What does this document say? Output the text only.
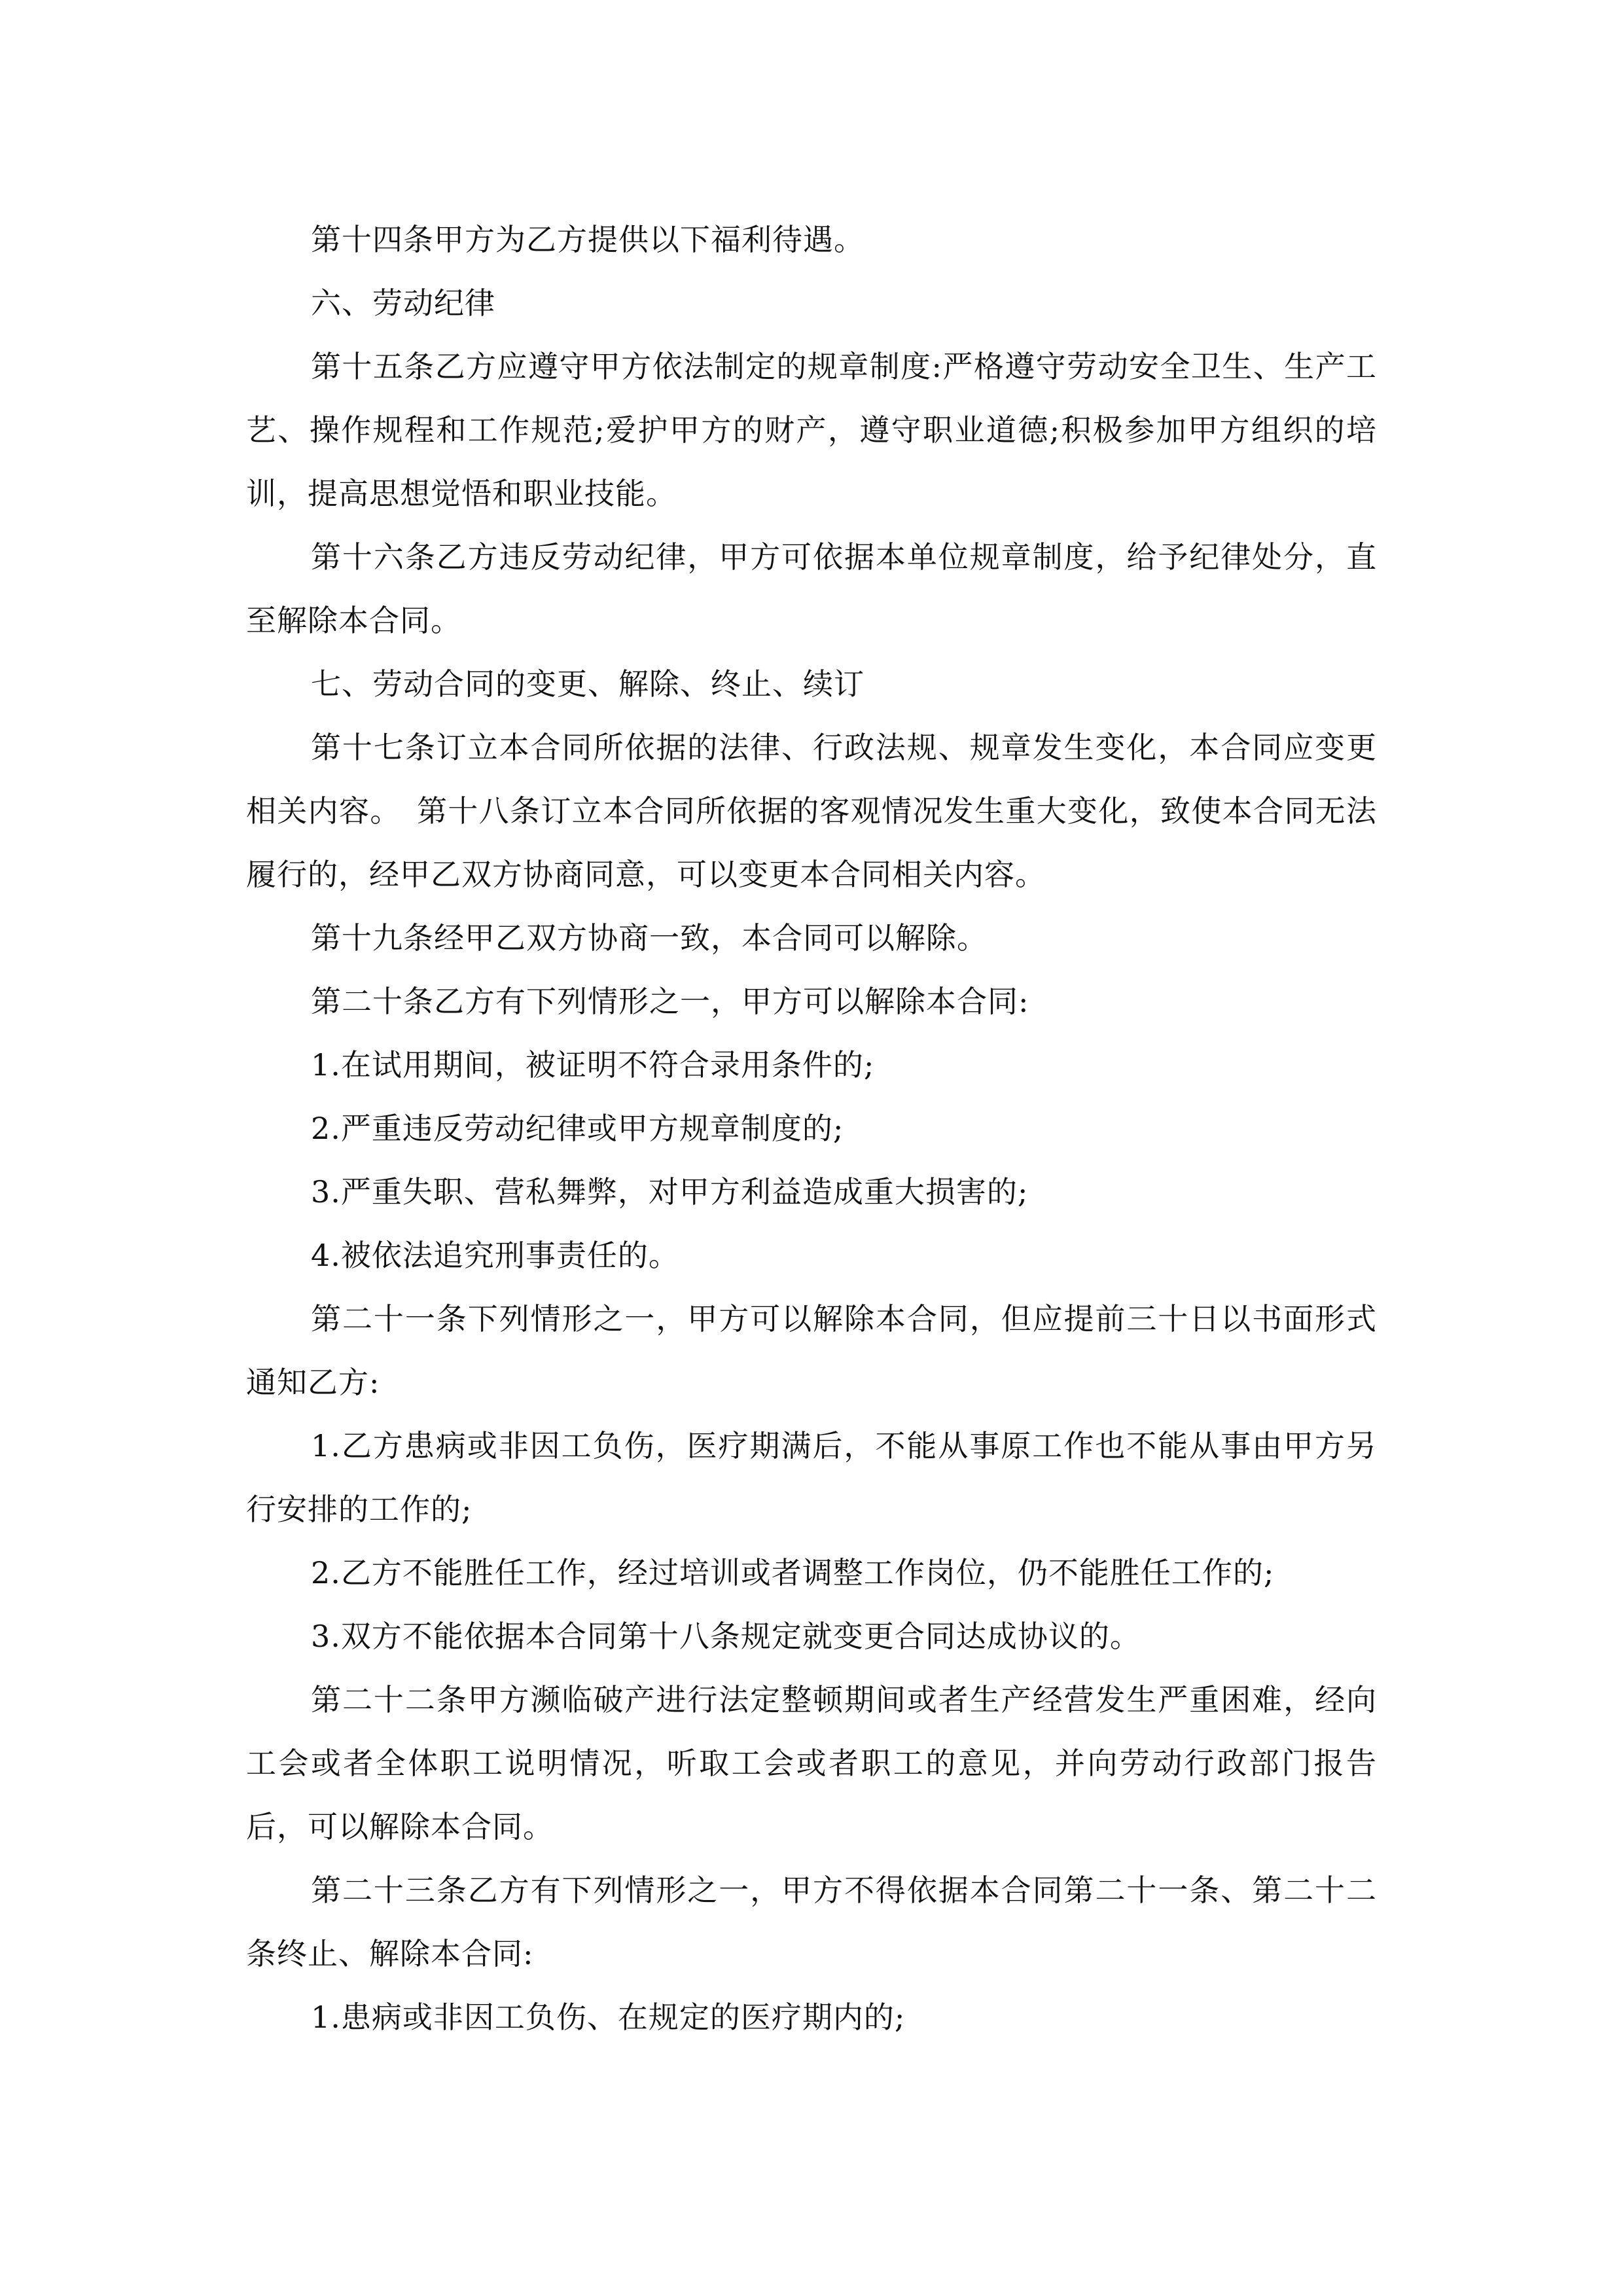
第十四条甲方为乙方提供以下福利待遇。

六、劳动纪律

第十五条乙方应遵守甲方依法制定的规章制度:严格遵守劳动安全卫生、生产工艺、操作规程和工作规范;爱护甲方的财产，遵守职业道德;积极参加甲方组织的培训，提高思想觉悟和职业技能。

第十六条乙方违反劳动纪律，甲方可依据本单位规章制度，给予纪律处分，直至解除本合同。

七、劳动合同的变更、解除、终止、续订

第十七条订立本合同所依据的法律、行政法规、规章发生变化，本合同应变更相关内容。　第十八条订立本合同所依据的客观情况发生重大变化，致使本合同无法履行的，经甲乙双方协商同意，可以变更本合同相关内容。

第十九条经甲乙双方协商一致，本合同可以解除。

第二十条乙方有下列情形之一，甲方可以解除本合同:

1.在试用期间，被证明不符合录用条件的;

2.严重违反劳动纪律或甲方规章制度的;

3.严重失职、营私舞弊，对甲方利益造成重大损害的;

4.被依法追究刑事责任的。

第二十一条下列情形之一，甲方可以解除本合同，但应提前三十日以书面形式通知乙方:

1.乙方患病或非因工负伤，医疗期满后，不能从事原工作也不能从事由甲方另行安排的工作的;

2.乙方不能胜任工作，经过培训或者调整工作岗位，仍不能胜任工作的;

3.双方不能依据本合同第十八条规定就变更合同达成协议的。

第二十二条甲方濒临破产进行法定整顿期间或者生产经营发生严重困难，经向工会或者全体职工说明情况，听取工会或者职工的意见，并向劳动行政部门报告后，可以解除本合同。

第二十三条乙方有下列情形之一，甲方不得依据本合同第二十一条、第二十二条终止、解除本合同:

1.患病或非因工负伤、在规定的医疗期内的;
